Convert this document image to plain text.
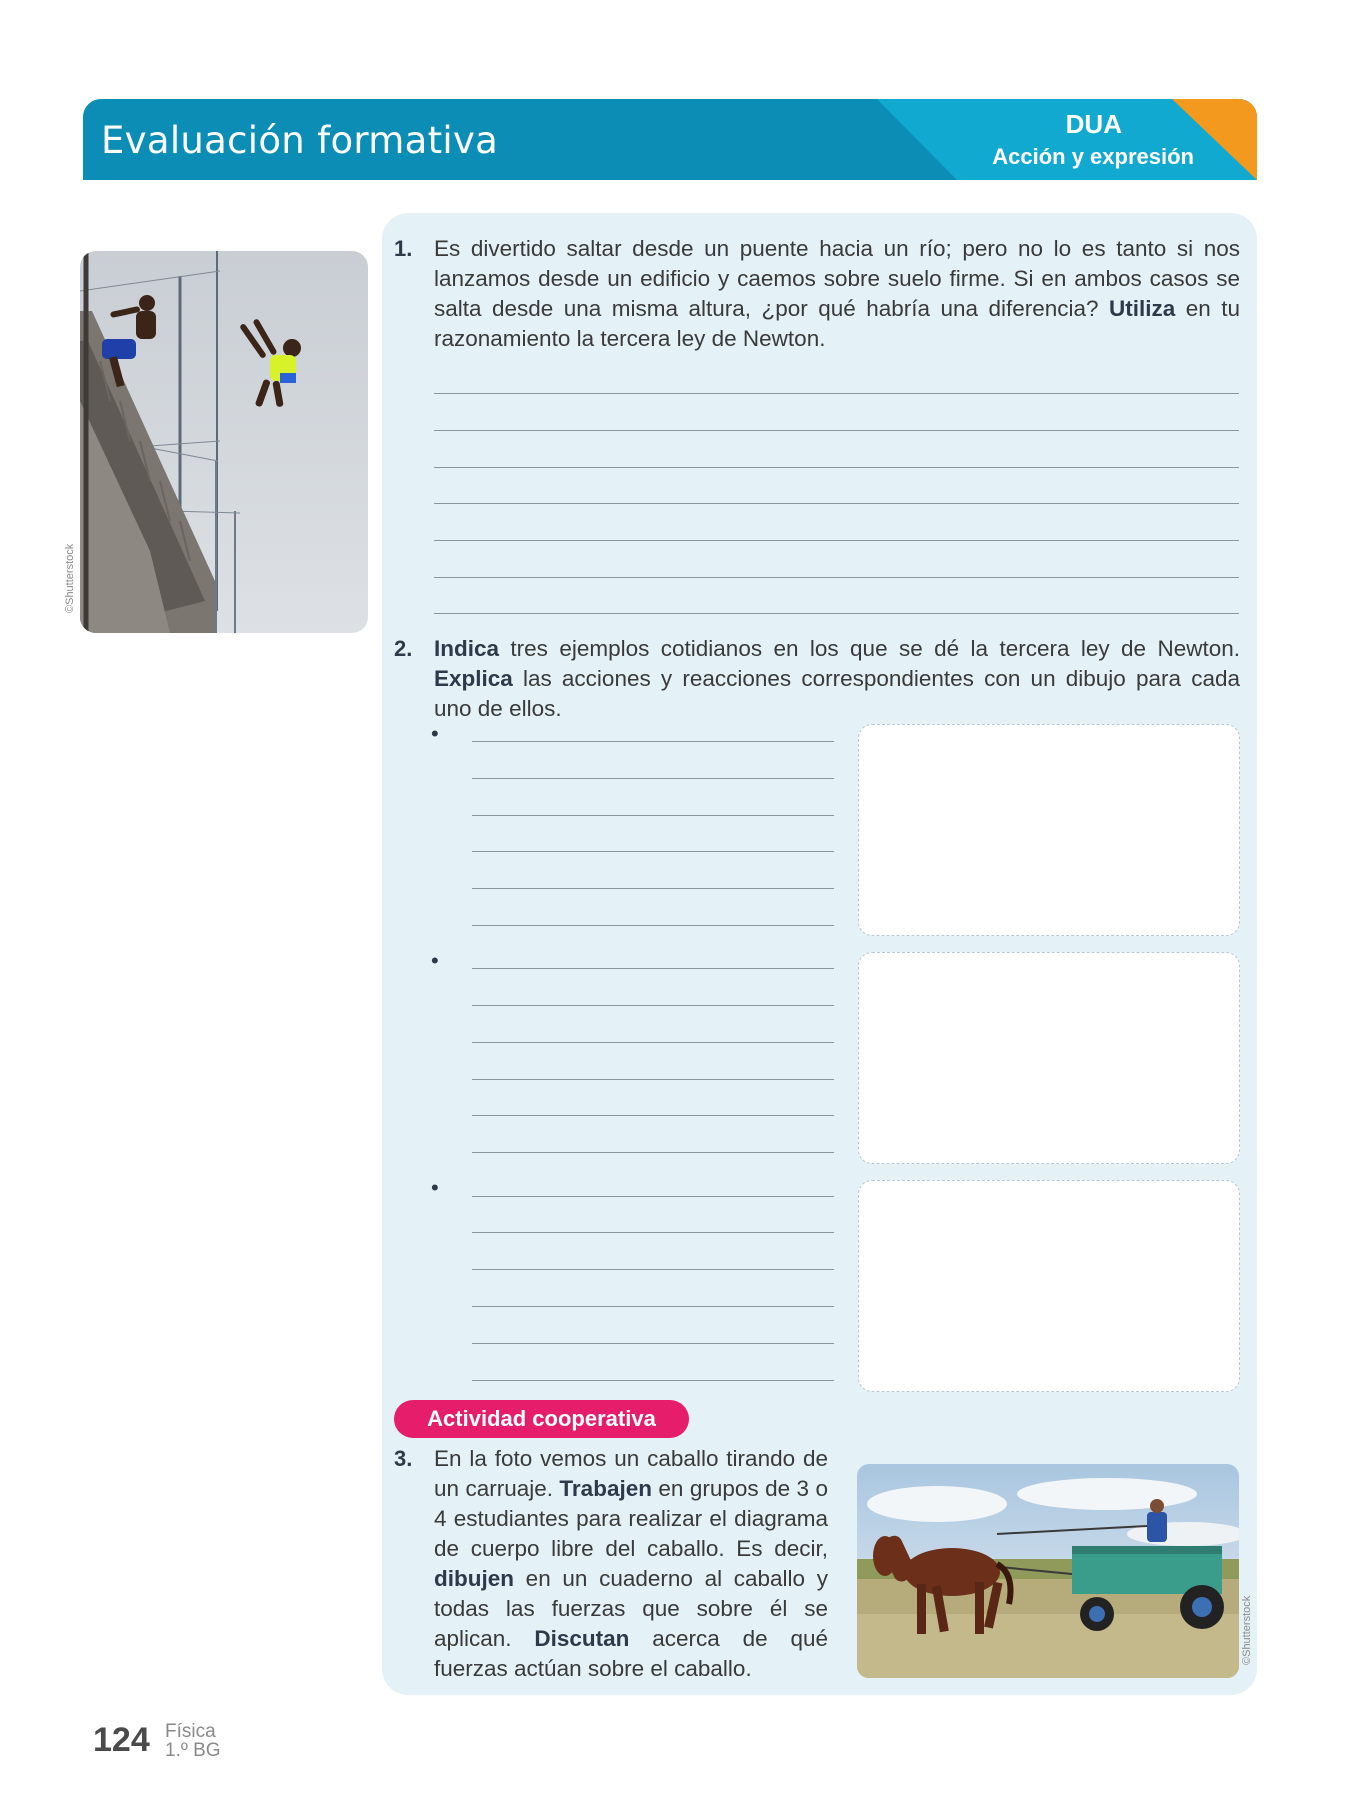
Evaluación formativa	DUA
Acción y expresión
©Shutterstock
1. Es divertido saltar desde un puente hacia un río; pero no lo es tanto si nos lanzamos desde un edificio y caemos sobre suelo firme. Si en ambos casos se salta desde una misma altura, ¿por qué habría una diferencia? Utiliza en tu razonamiento la tercera ley de Newton.
2. Indica tres ejemplos cotidianos en los que se dé la tercera ley de Newton. Explica las acciones y reacciones correspondientes con un dibujo para cada uno de ellos.
•
•
•
Actividad cooperativa
3. En la foto vemos un caballo tirando de un carruaje. Trabajen en grupos de 3 o 4 estudiantes para realizar el diagrama de cuerpo libre del caballo. Es decir, dibujen en un cuaderno al caballo y todas las fuerzas que sobre él se aplican. Discutan acerca de qué fuerzas actúan sobre el caballo.
©Shutterstock
124 Física
1.º BG
